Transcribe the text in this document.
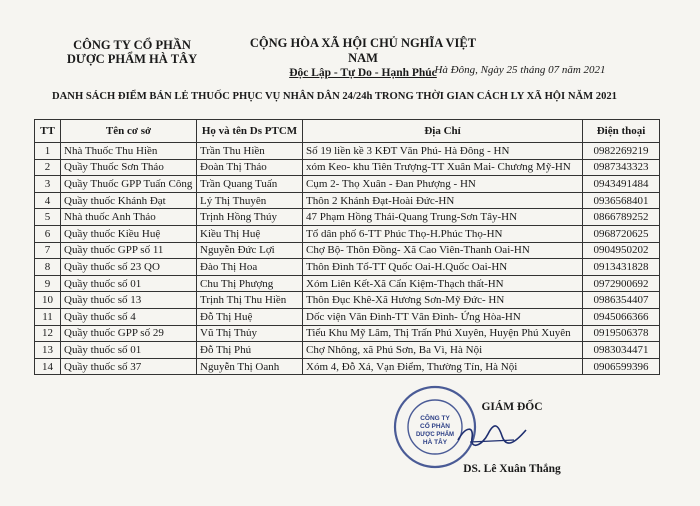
CÔNG TY CỔ PHẦN
DƯỢC PHẨM HÀ TÂY
CỘNG HÒA XÃ HỘI CHỦ NGHĨA VIỆT NAM
Độc Lập - Tự Do - Hạnh Phúc
Hà Đông, Ngày 25 tháng 07 năm 2021
DANH SÁCH ĐIỂM BÁN LẺ THUỐC PHỤC VỤ NHÂN DÂN 24/24h TRONG THỜI GIAN CÁCH LY XÃ HỘI NĂM 2021
TT	Tên cơ sở	Họ và tên Ds PTCM	Địa Chỉ	Điện thoại
1	Nhà Thuốc Thu Hiền	Trần Thu Hiền	Số 19 liền kề 3 KĐT Văn Phú- Hà Đông - HN	0982269219
2	Quầy Thuốc Sơn Thảo	Đoàn Thị Thảo	xóm Keo- khu Tiên Trượng-TT Xuân Mai- Chương Mỹ-HN	0987343323
3	Quầy Thuốc GPP Tuấn Công	Trần Quang Tuấn	Cụm 2- Thọ Xuân - Đan Phượng - HN	0943491484
4	Quầy thuốc Khánh Đạt	Lý Thị Thuyên	Thôn 2 Khánh Đạt-Hoài Đức-HN	0936568401
5	Nhà thuốc Anh Thảo	Trịnh Hồng Thúy	47 Phạm Hồng Thái-Quang Trung-Sơn Tây-HN	0866789252
6	Quầy thuốc Kiều Huệ	Kiều Thị Huệ	Tổ dân phố 6-TT Phúc Thọ-H.Phúc Thọ-HN	0968720625
7	Quầy thuốc GPP số 11	Nguyễn Đức Lợi	Chợ Bộ- Thôn Đồng- Xã Cao Viên-Thanh Oai-HN	0904950202
8	Quầy thuốc số 23 QO	Đào Thị Hoa	Thôn Đình Tổ-TT Quốc Oai-H.Quốc Oai-HN	0913431828
9	Quầy thuốc số 01	Chu Thị Phượng	Xóm Liên Kết-Xã Cẩn Kiệm-Thạch thất-HN	0972900692
10	Quầy thuốc số 13	Trịnh Thị Thu Hiền	Thôn Đục Khê-Xã Hương Sơn-Mỹ Đức- HN	0986354407
11	Quầy thuốc số 4	Đỗ Thị Huệ	Dốc viện Văn Đình-TT Vân Đình- Ứng Hòa-HN	0945066366
12	Quầy thuốc GPP số 29	Vũ Thị Thủy	Tiểu Khu Mỹ Lâm, Thị Trấn Phú Xuyên, Huyện Phú Xuyên	0919506378
13	Quầy thuốc số 01	Đỗ Thị Phú	Chợ Nhông, xã Phú Sơn, Ba Vì, Hà Nội	0983034471
14	Quầy thuốc số 37	Nguyễn Thị Oanh	Xóm 4, Đỗ Xá, Vạn Điểm, Thường Tín, Hà Nội	0906599396
CÔNG TY
CỔ PHẦN
DƯỢC PHẨM
HÀ TÂY
GIÁM ĐỐC
DS. Lê Xuân Thắng
